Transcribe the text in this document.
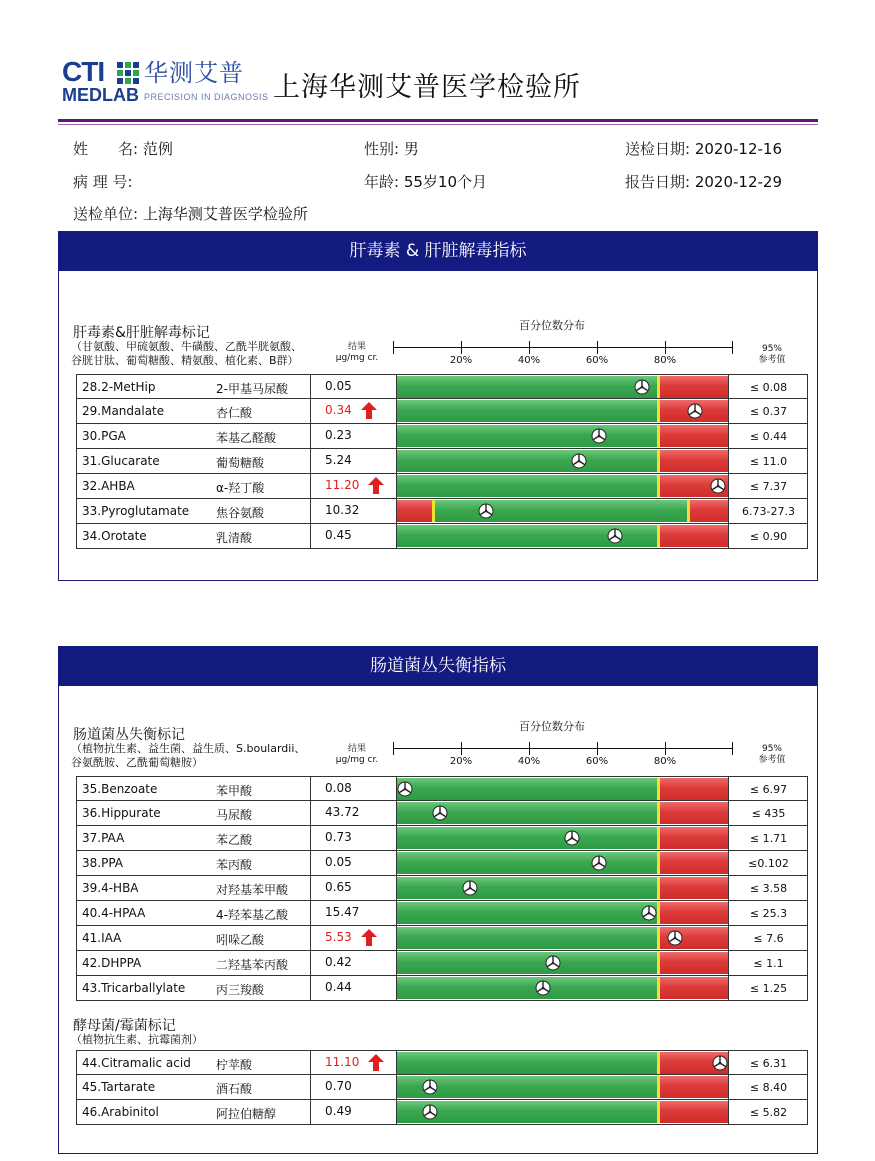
CTI 华测艾普
MEDLAB PRECISION IN DIAGNOSIS 上海华测艾普医学检验所
姓　　名: 范例	性别: 男	送检日期: 2020-12-16
病 理 号:	年龄: 55岁10个月	报告日期: 2020-12-29
送检单位: 上海华测艾普医学检验所
肝毒素 & 肝脏解毒指标
肝毒素&肝脏解毒标记
（甘氨酸、甲硫氨酸、牛磺酸、乙酰半胱氨酸、
谷胱甘肽、葡萄糖酸、精氨酸、植化素、B群）
百分位数分布
结果
μg/mg cr.	20%	40%	60%	80%
95%
参考值
28.2-MetHip	2-甲基马尿酸	0.05	≤ 0.08
29.Mandalate	杏仁酸	0.34	≤ 0.37
30.PGA	苯基乙醛酸	0.23	≤ 0.44
31.Glucarate	葡萄糖酸	5.24	≤ 11.0
32.AHBA	α-羟丁酸	11.20	≤ 7.37
33.Pyroglutamate 焦谷氨酸	10.32	6.73-27.3
34.Orotate	乳清酸	0.45	≤ 0.90
肠道菌丛失衡指标
肠道菌丛失衡标记
（植物抗生素、益生菌、益生质、S.boulardii、
谷氨酰胺、乙酰葡萄糖胺）
百分位数分布
结果
μg/mg cr.	20%	40%	60%	80%
95%
参考值
35.Benzoate	苯甲酸	0.08	≤ 6.97
36.Hippurate	马尿酸	43.72	≤ 435
37.PAA	苯乙酸	0.73	≤ 1.71
38.PPA	苯丙酸	0.05	≤0.102
39.4-HBA	对羟基苯甲酸	0.65	≤ 3.58
40.4-HPAA	4-羟苯基乙酸	15.47	≤ 25.3
41.IAA	吲哚乙酸	5.53	≤ 7.6
42.DHPPA	二羟基苯丙酸	0.42	≤ 1.1
43.Tricarballylate	丙三羧酸	0.44	≤ 1.25
酵母菌/霉菌标记
（植物抗生素、抗霉菌剂）
44.Citramalic acid 柠苹酸	11.10	≤ 6.31
45.Tartarate	酒石酸	0.70	≤ 8.40
46.Arabinitol	阿拉伯糖醇	0.49	≤ 5.82
